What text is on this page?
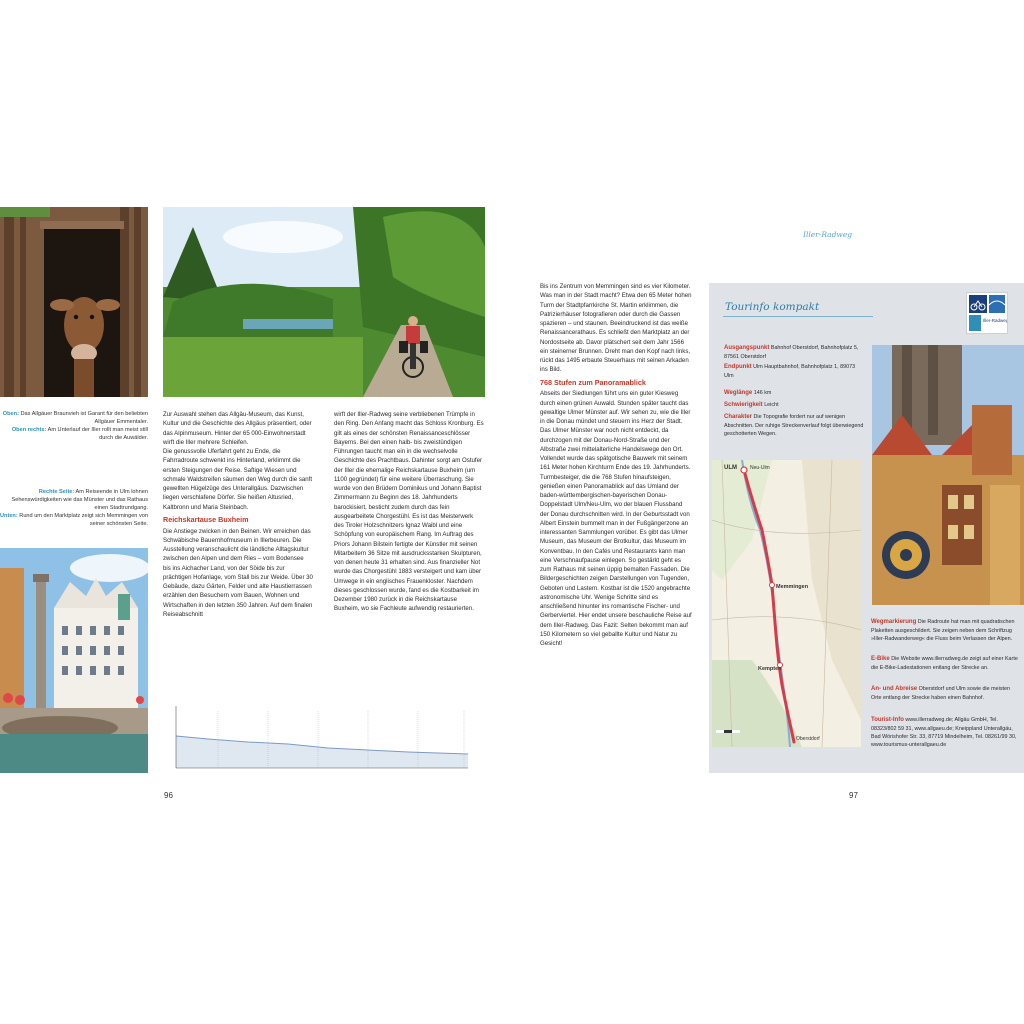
Oben: Das Allgäuer Braunvieh ist Garant für den beliebten Allgäuer Emmentaler.
Oben rechts: Am Unterlauf der Iller rollt man meist still durch die Auwälder.
Rechte Seite: Am Reiseende in Ulm lohnen Sehenswürdigkeiten wie das Münster und das Rathaus einen Stadtrundgang.
Unten: Rund um den Marktplatz zeigt sich Memmingen von seiner schönsten Seite.

Zur Auswahl stehen das Allgäu-Museum, das Kunst, Kultur und die Geschichte des Allgäus präsentiert, oder das Alpinmuseum. Hinter der 65 000-Einwohnerstadt wirft die Iller mehrere Schleifen.

Die genussvolle Uferfahrt geht zu Ende, die Fahrradroute schwenkt ins Hinterland, erklimmt die ersten Steigungen der Reise. Saftige Wiesen und schmale Waldstreifen säumen den Weg durch die sanft gewellten Hügelzüge des Unterallgäus. Dazwischen liegen verschlafene Dörfer. Sie heißen Altusried, Kaltbronn und Maria Steinbach.

Reichskartause Buxheim

Die Anstiege zwicken in den Beinen. Wir erreichen das Schwäbische Bauernhofmuseum in Illerbeuren. Die Ausstellung veranschaulicht die ländliche Alltagskultur zwischen den Alpen und dem Ries – vom Bodensee bis ins Aichacher Land, von der Söide bis zur prächtigen Hofanlage, vom Stall bis zur Weide. Über 30 Gebäude, dazu Gärten, Felder und alte Haustierrassen erzählen den Besuchern vom Bauen, Wohnen und Wirtschaften in den letzten 350 Jahren. Auf dem finalen Reiseabschnitt

wirft der Iller-Radweg seine verbliebenen Trümpfe in den Ring. Den Anfang macht das Schloss Kronburg. Es gilt als eines der schönsten Renaissanceschlösser Bayerns. Bei den einen halb- bis zweistündigen Führungen taucht man ein in die wechselvolle Geschichte des Prachtbaus. Dahinter sorgt am Ostufer der Iller die ehemalige Reichskartause Buxheim (um 1100 gegründet) für eine weitere Überraschung. Sie wurde von den Brüdern Dominikus und Johann Baptist Zimmermann zu Beginn des 18. Jahrhunderts barockisiert, besticht zudem durch das fein ausgearbeitete Chorgestühl. Es ist das Meisterwerk des Tiroler Holzschnitzers Ignaz Waibl und eine Schöpfung von europäischem Rang. Im Auftrag des Priors Johann Bilstein fertigte der Künstler mit seinen Mitarbeitern 36 Sitze mit ausdrucksstarken Skulpturen, von denen heute 31 erhalten sind. Aus finanzieller Not wurde das Chorgestühl 1883 versteigert und kam über Umwege in ein englisches Frauenkloster. Nachdem dieses geschlossen wurde, fand es die Kostbarkeit im Dezember 1980 zurück in die Reichskartause Buxheim, wo sie Fachleute aufwendig restaurierten.

96
Iller-Radweg

Bis ins Zentrum von Memmingen sind es vier Kilometer. Was man in der Stadt macht? Etwa den 65 Meter hohen Turm der Stadtpfarrkirche St. Martin erklimmen, die Patrizierhäuser fotografieren oder durch die Gassen spazieren – und staunen. Beeindruckend ist das weiße Renaissancerathaus. Es schließt den Marktplatz an der Nordostseite ab. Davor plätschert seit dem Jahr 1566 ein steinerner Brunnen. Dreht man den Kopf nach links, rückt das 1495 erbaute Steuerhaus mit seinen Arkaden ins Bild.

768 Stufen zum Panoramablick

Abseits der Siedlungen führt uns ein guter Kiesweg durch einen grünen Auwald. Stunden später taucht das gewaltige Ulmer Münster auf. Wir sehen zu, wie die Iller in die Donau mündet und steuern ins Herz der Stadt. Das Ulmer Münster war noch nicht entdeckt, da durchzogen mit der Donau-Nord-Straße und der Albstraße zwei mittelalterliche Handelswege den Ort. Vollendet wurde das spätgotische Bauwerk mit seinem 161 Meter hohen Kirchturm Ende des 19. Jahrhunderts. Turmbesteiger, die die 768 Stufen hinaufsteigen, genießen einen Panoramablick auf das Umland der baden-württembergischen-bayerischen Donau-Doppelstadt Ulm/Neu-Ulm, wo der blauen Flussband der Donau durchschnitten wird. In der Geburtsstadt von Albert Einstein bummelt man in der Fußgängerzone an interessanten Sammlungen vorüber. Es gibt das Ulmer Museum, das Museum der Brotkultur, das Museum im Konventbau. In den Cafés und Restaurants kann man eine Verschnaufpause einlegen. So gestärkt geht es zum Rathaus mit seinen üppig bemalten Fassaden. Die Bildergeschichten zeigen Darstellungen von Tugenden, Geboten und Lastern. Kostbar ist die 1520 angebrachte astronomische Uhr. Wenige Schritte sind es anschließend hinunter ins romantische Fischer- und Gerberviertel. Hier endet unsere beschauliche Reise auf dem Iller-Radweg. Das Fazit: Selten bekommt man auf 150 Kilometern so viel geballte Kultur und Natur zu Gesicht!

Tourinfo kompakt
Ausgangspunkt Bahnhof Oberstdorf, Bahnhofplatz 5, 87561 Oberstdorf
Endpunkt Ulm Hauptbahnhof, Bahnhofplatz 1, 89073 Ulm
Weglänge 146 km
Schwierigkeit Leicht
Charakter Die Topografie fordert nur auf wenigen Abschnitten. Der ruhige Streckenverlauf folgt überwiegend geschotterten Wegen.
ULM	Neu-Ulm
Memmingen
Kempten
Oberstdorf
Wegmarkierung Die Radroute hat man mit quadratischen Plaketten ausgeschildert. Sie zeigen neben dem Schriftzug »Iller-Radwanderweg« die Fluss beim Verlassen der Alpen.
E-Bike Die Website www.illerradweg.de zeigt auf einer Karte die E-Bike-Ladestationen entlang der Strecke an.
An- und Abreise Oberstdorf und Ulm sowie die meisten Orte entlang der Strecke haben einen Bahnhof.
Tourist-Info www.illerradweg.de; Allgäu GmbH, Tel. 08323/802 59 31, www.allgaeu.de; Kneippland Unterallgäu, Bad Wörishofer Str. 33, 87719 Mindelheim, Tel. 08261/99 30, www.tourismus-unterallgaeu.de
Iller-Radweg
97
